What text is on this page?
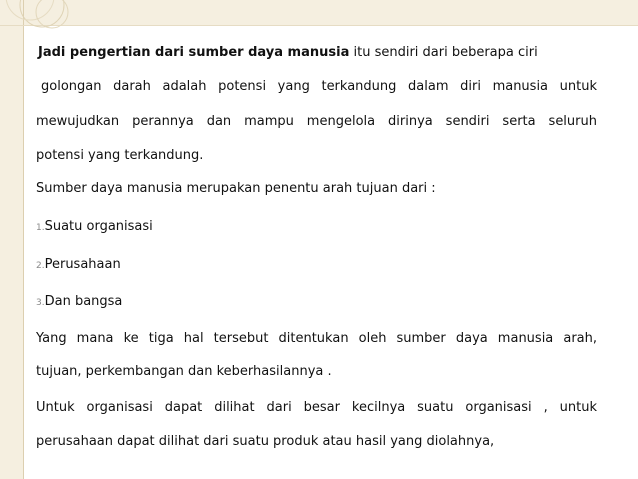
Jadi pengertian dari sumber daya manusia itu sendiri dari beberapa ciri
golongan darah adalah potensi yang terkandung dalam diri manusia untuk
mewujudkan perannya dan mampu mengelola dirinya sendiri serta seluruh
potensi yang terkandung.
Sumber daya manusia merupakan penentu arah tujuan dari :
1.Suatu organisasi
2.Perusahaan
3.Dan bangsa
Yang mana ke tiga hal tersebut ditentukan oleh sumber daya manusia arah,
tujuan, perkembangan dan keberhasilannya .
Untuk organisasi dapat dilihat dari besar kecilnya suatu organisasi , untuk
perusahaan dapat dilihat dari suatu produk atau hasil yang diolahnya,
